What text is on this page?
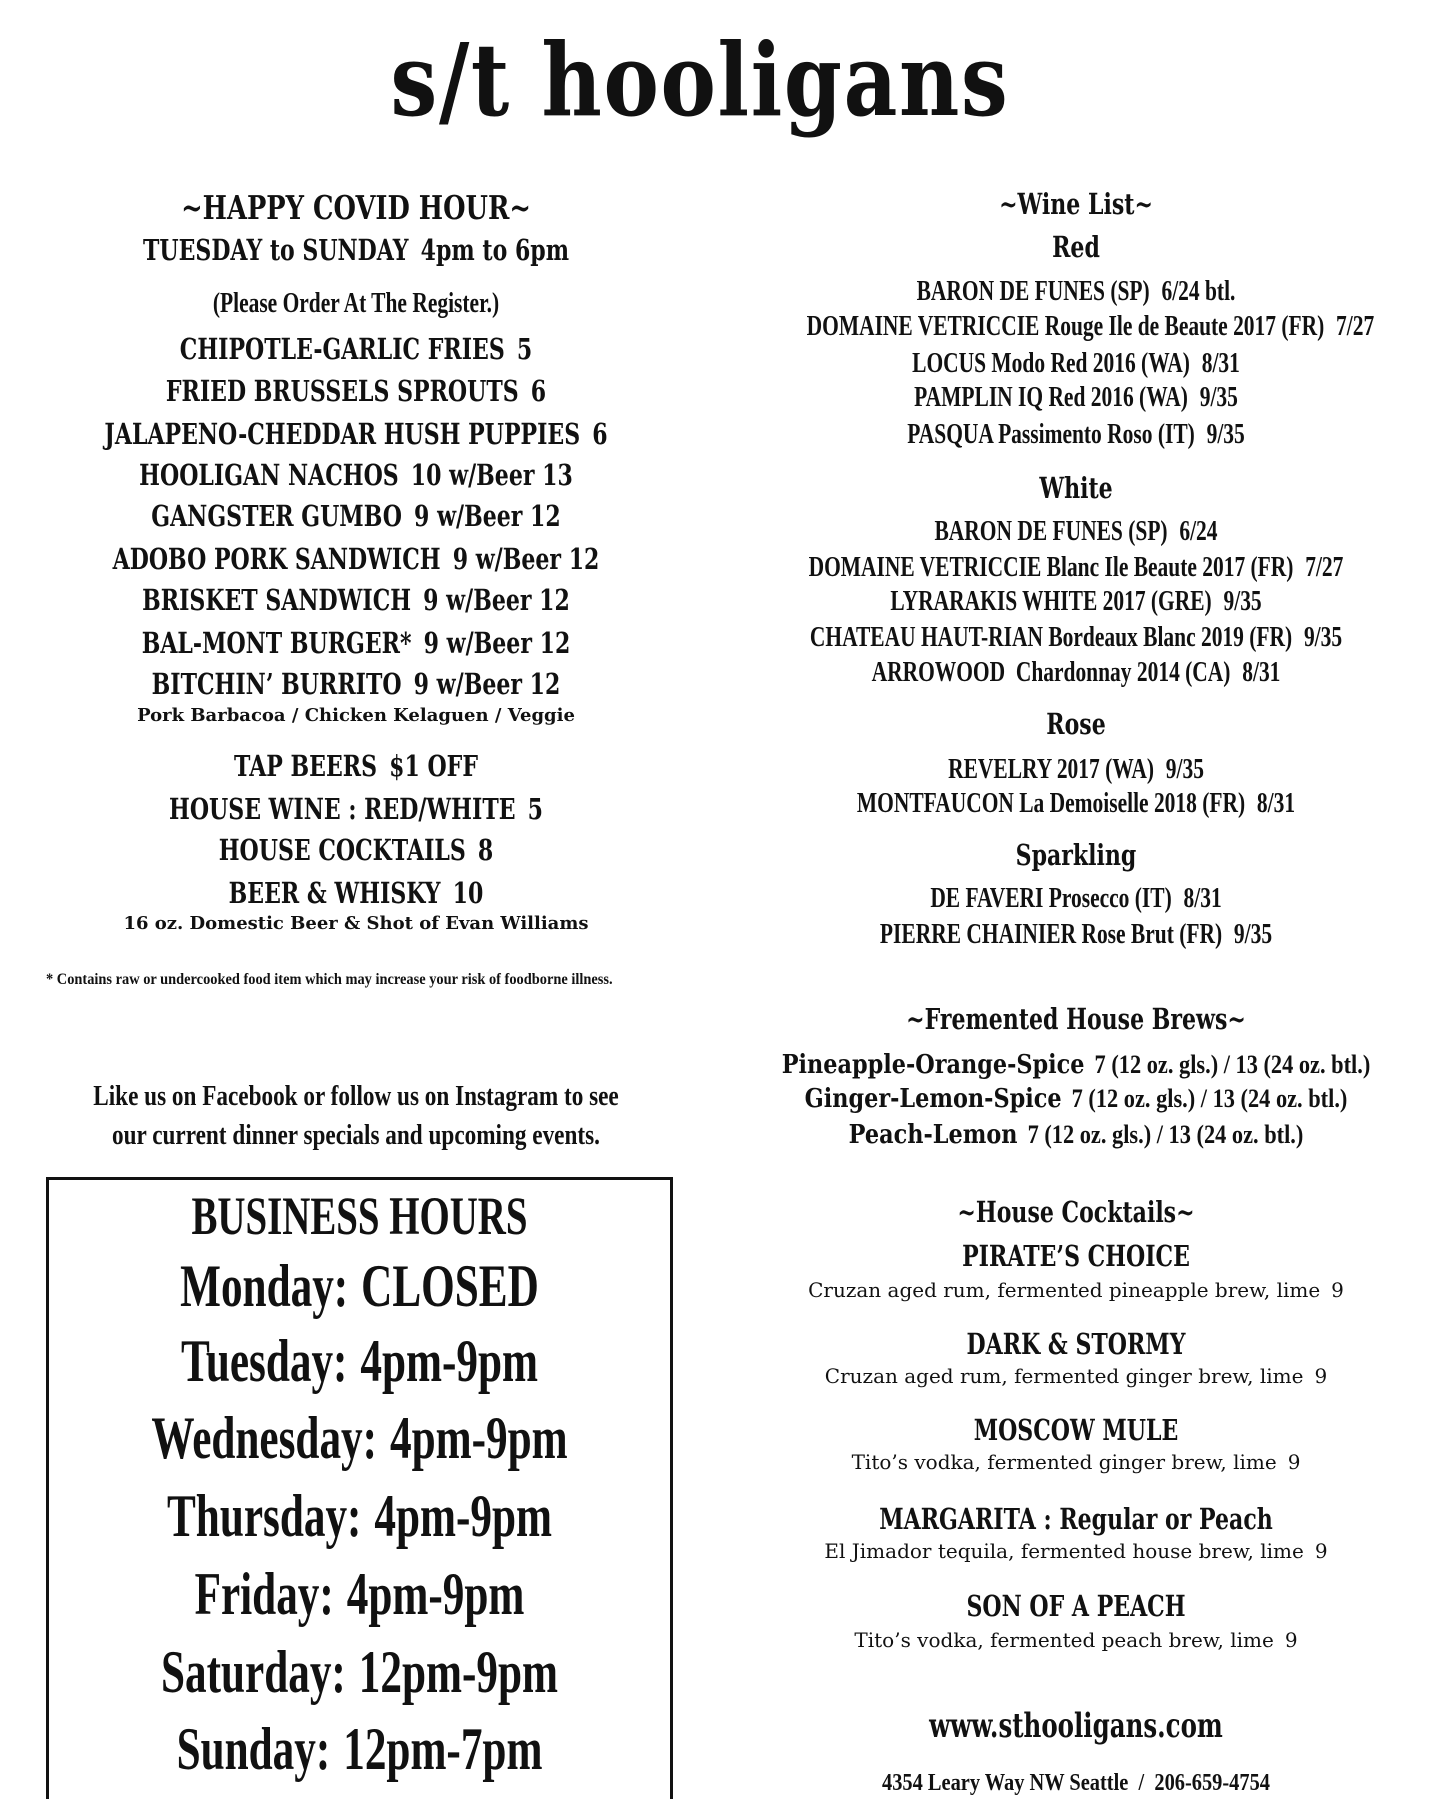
s/t hooligans
~HAPPY COVID HOUR~
TUESDAY to SUNDAY 4pm to 6pm
(Please Order At The Register.)
CHIPOTLE-GARLIC FRIES 5
FRIED BRUSSELS SPROUTS 6
JALAPENO-CHEDDAR HUSH PUPPIES 6
HOOLIGAN NACHOS 10 w/Beer 13
GANGSTER GUMBO 9 w/Beer 12
ADOBO PORK SANDWICH 9 w/Beer 12
BRISKET SANDWICH 9 w/Beer 12
BAL-MONT BURGER* 9 w/Beer 12
BITCHIN’ BURRITO 9 w/Beer 12
Pork Barbacoa / Chicken Kelaguen / Veggie
TAP BEERS $1 OFF
HOUSE WINE : RED/WHITE 5
HOUSE COCKTAILS 8
BEER & WHISKY 10
16 oz. Domestic Beer & Shot of Evan Williams
* Contains raw or undercooked food item which may increase your risk of foodborne illness.
Like us on Facebook or follow us on Instagram to see
our current dinner specials and upcoming events.
BUSINESS HOURS
Monday: CLOSED
Tuesday: 4pm-9pm
Wednesday: 4pm-9pm
Thursday: 4pm-9pm
Friday: 4pm-9pm
Saturday: 12pm-9pm
Sunday: 12pm-7pm
~Wine List~
Red
BARON DE FUNES (SP) 6/24 btl.
DOMAINE VETRICCIE Rouge Ile de Beaute 2017 (FR) 7/27
LOCUS Modo Red 2016 (WA) 8/31
PAMPLIN IQ Red 2016 (WA) 9/35
PASQUA Passimento Roso (IT) 9/35
White
BARON DE FUNES (SP) 6/24
DOMAINE VETRICCIE Blanc Ile Beaute 2017 (FR) 7/27
LYRARAKIS WHITE 2017 (GRE) 9/35
CHATEAU HAUT-RIAN Bordeaux Blanc 2019 (FR) 9/35
ARROWOOD  Chardonnay 2014 (CA) 8/31
Rose
REVELRY 2017 (WA) 9/35
MONTFAUCON La Demoiselle 2018 (FR) 8/31
Sparkling
DE FAVERI Prosecco (IT) 8/31
PIERRE CHAINIER Rose Brut (FR) 9/35
~Fremented House Brews~
Pineapple-Orange-Spice 7 (12 oz. gls.) / 13 (24 oz. btl.)
Ginger-Lemon-Spice 7 (12 oz. gls.) / 13 (24 oz. btl.)
Peach-Lemon 7 (12 oz. gls.) / 13 (24 oz. btl.)
~House Cocktails~
PIRATE’S CHOICE
Cruzan aged rum, fermented pineapple brew, lime 9
DARK & STORMY
Cruzan aged rum, fermented ginger brew, lime 9
MOSCOW MULE
Tito’s vodka, fermented ginger brew, lime 9
MARGARITA : Regular or Peach
El Jimador tequila, fermented house brew, lime 9
SON OF A PEACH
Tito’s vodka, fermented peach brew, lime 9
www.sthooligans.com
4354 Leary Way NW Seattle  /  206-659-4754
